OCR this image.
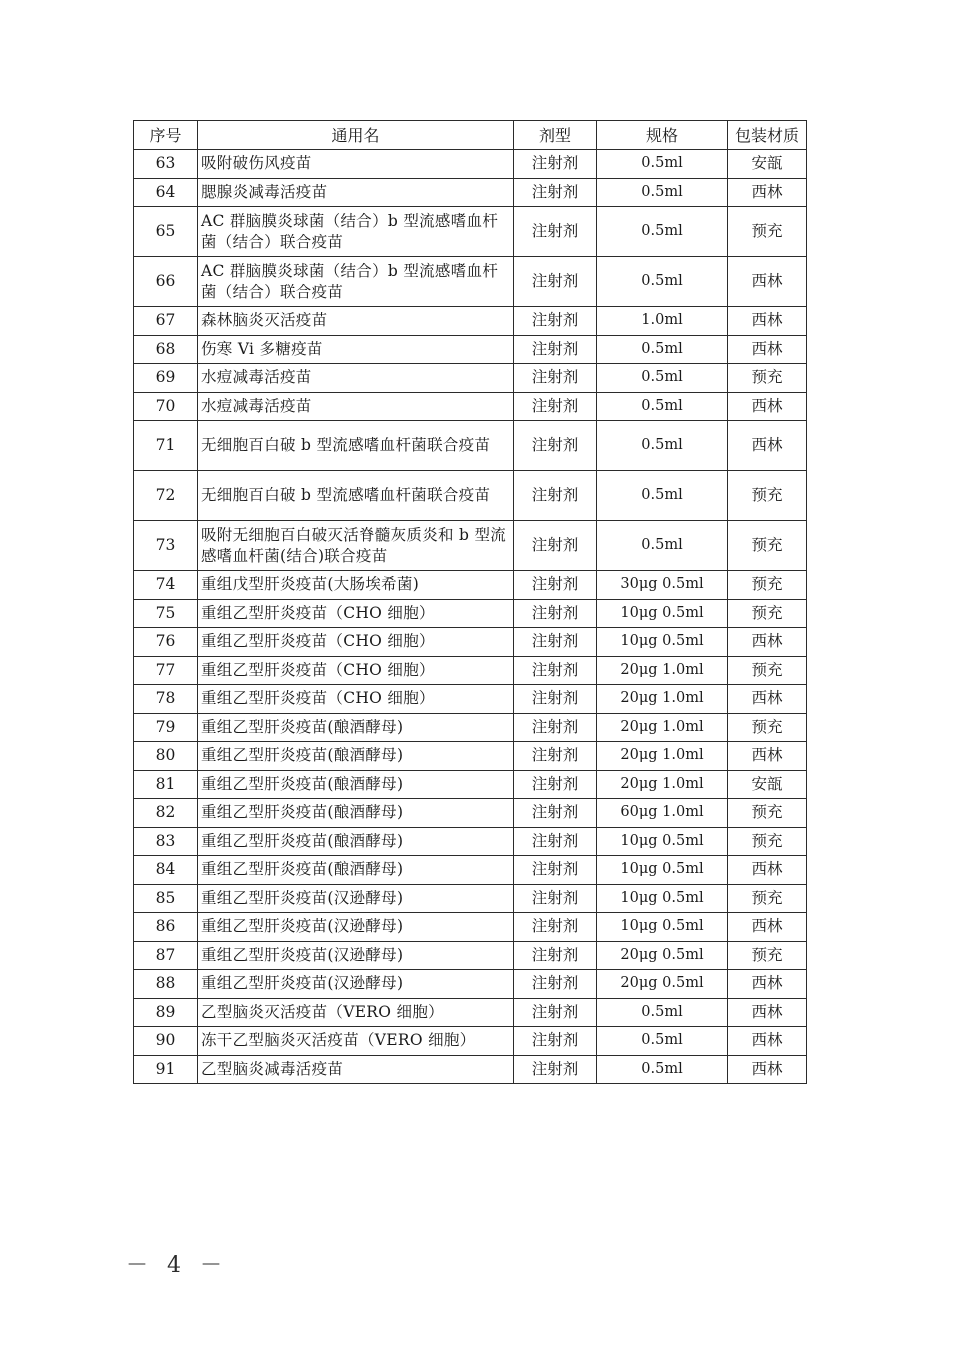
序号	通用名	剂型	规格	包装材质
63	吸附破伤风疫苗	注射剂	0.5ml	安瓿
64	腮腺炎减毒活疫苗	注射剂	0.5ml	西林
65	AC 群脑膜炎球菌（结合）b 型流感嗜血杆菌（结合）联合疫苗	注射剂	0.5ml	预充
66	AC 群脑膜炎球菌（结合）b 型流感嗜血杆菌（结合）联合疫苗	注射剂	0.5ml	西林
67	森林脑炎灭活疫苗	注射剂	1.0ml	西林
68	伤寒 Vi 多糖疫苗	注射剂	0.5ml	西林
69	水痘减毒活疫苗	注射剂	0.5ml	预充
70	水痘减毒活疫苗	注射剂	0.5ml	西林
71	无细胞百白破 b 型流感嗜血杆菌联合疫苗	注射剂	0.5ml	西林
72	无细胞百白破 b 型流感嗜血杆菌联合疫苗	注射剂	0.5ml	预充
73	吸附无细胞百白破灭活脊髓灰质炎和 b 型流感嗜血杆菌(结合)联合疫苗	注射剂	0.5ml	预充
74	重组戊型肝炎疫苗(大肠埃希菌)	注射剂	30μg 0.5ml	预充
75	重组乙型肝炎疫苗（CHO 细胞）	注射剂	10μg 0.5ml	预充
76	重组乙型肝炎疫苗（CHO 细胞）	注射剂	10μg 0.5ml	西林
77	重组乙型肝炎疫苗（CHO 细胞）	注射剂	20μg 1.0ml	预充
78	重组乙型肝炎疫苗（CHO 细胞）	注射剂	20μg 1.0ml	西林
79	重组乙型肝炎疫苗(酿酒酵母)	注射剂	20μg 1.0ml	预充
80	重组乙型肝炎疫苗(酿酒酵母)	注射剂	20μg 1.0ml	西林
81	重组乙型肝炎疫苗(酿酒酵母)	注射剂	20μg 1.0ml	安瓿
82	重组乙型肝炎疫苗(酿酒酵母)	注射剂	60μg 1.0ml	预充
83	重组乙型肝炎疫苗(酿酒酵母)	注射剂	10μg 0.5ml	预充
84	重组乙型肝炎疫苗(酿酒酵母)	注射剂	10μg 0.5ml	西林
85	重组乙型肝炎疫苗(汉逊酵母)	注射剂	10μg 0.5ml	预充
86	重组乙型肝炎疫苗(汉逊酵母)	注射剂	10μg 0.5ml	西林
87	重组乙型肝炎疫苗(汉逊酵母)	注射剂	20μg 0.5ml	预充
88	重组乙型肝炎疫苗(汉逊酵母)	注射剂	20μg 0.5ml	西林
89	乙型脑炎灭活疫苗（VERO 细胞）	注射剂	0.5ml	西林
90	冻干乙型脑炎灭活疫苗（VERO 细胞）	注射剂	0.5ml	西林
91	乙型脑炎减毒活疫苗	注射剂	0.5ml	西林
－ 4 －
